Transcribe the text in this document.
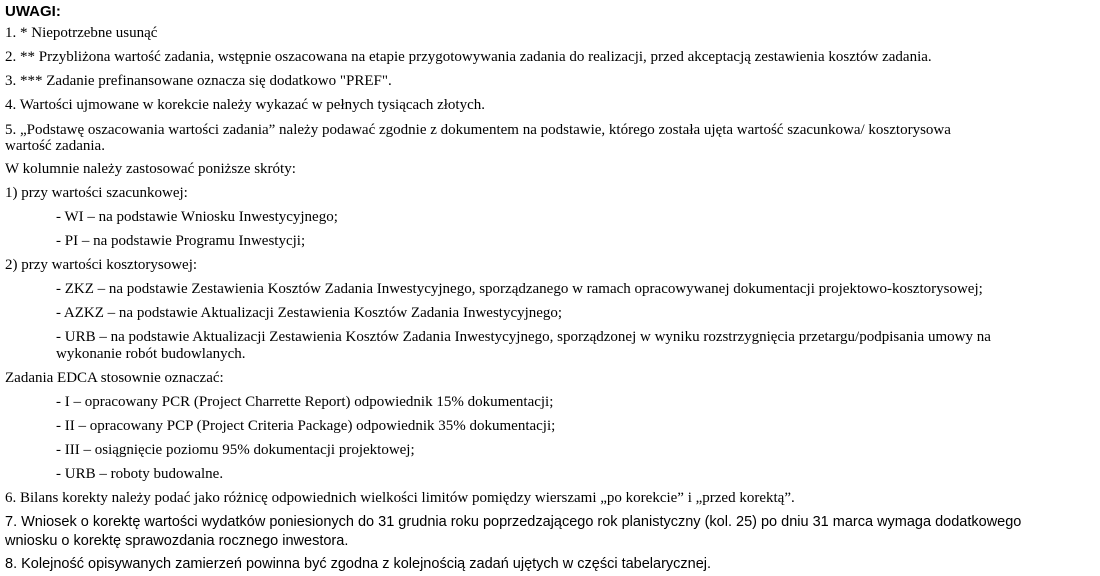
UWAGI:
1. * Niepotrzebne usunąć
2. ** Przybliżona wartość zadania, wstępnie oszacowana na etapie przygotowywania zadania do realizacji, przed akceptacją zestawienia kosztów zadania.
3. *** Zadanie prefinansowane oznacza się dodatkowo "PREF".
4. Wartości ujmowane w korekcie należy wykazać w pełnych tysiącach złotych.
5. „Podstawę oszacowania wartości zadania” należy podawać zgodnie z dokumentem na podstawie, którego została ujęta wartość szacunkowa/ kosztorysowa
wartość zadania.
W kolumnie należy zastosować poniższe skróty:
1) przy wartości szacunkowej:
- WI – na podstawie Wniosku Inwestycyjnego;
- PI – na podstawie Programu Inwestycji;
2) przy wartości kosztorysowej:
- ZKZ – na podstawie Zestawienia Kosztów Zadania Inwestycyjnego, sporządzanego w ramach opracowywanej dokumentacji projektowo-kosztorysowej;
- AZKZ – na podstawie Aktualizacji Zestawienia Kosztów Zadania Inwestycyjnego;
- URB – na podstawie Aktualizacji Zestawienia Kosztów Zadania Inwestycyjnego, sporządzonej w wyniku rozstrzygnięcia przetargu/podpisania umowy na
wykonanie robót budowlanych.
Zadania EDCA stosownie oznaczać:
- I – opracowany PCR (Project Charrette Report) odpowiednik 15% dokumentacji;
- II – opracowany PCP (Project Criteria Package) odpowiednik 35% dokumentacji;
- III – osiągnięcie poziomu 95% dokumentacji projektowej;
- URB – roboty budowalne.
6. Bilans korekty należy podać jako różnicę odpowiednich wielkości limitów pomiędzy wierszami „po korekcie” i „przed korektą”.
7. Wniosek o korektę wartości wydatków poniesionych do 31 grudnia roku poprzedzającego rok planistyczny (kol. 25) po dniu 31 marca wymaga dodatkowego
wniosku o korektę sprawozdania rocznego inwestora.
8. Kolejność opisywanych zamierzeń powinna być zgodna z kolejnością zadań ujętych w części tabelarycznej.
